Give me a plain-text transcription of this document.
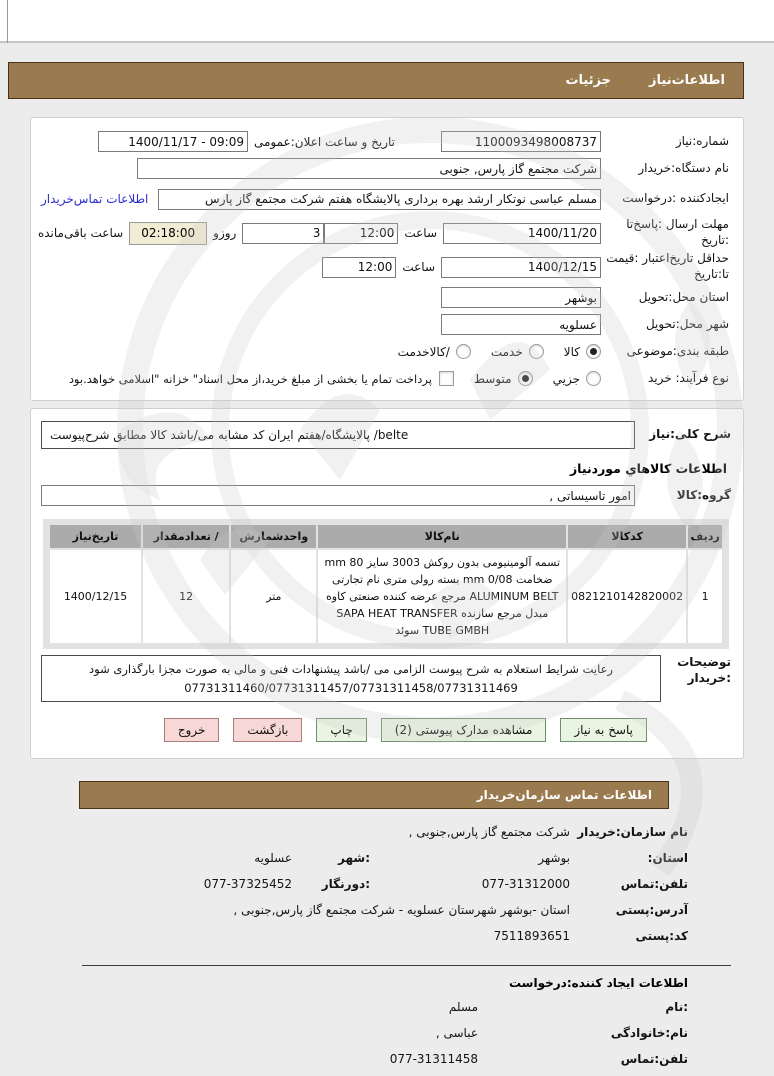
اطلاعات‌نیاز
جزئیات
شماره:نیاز
1100093498008737
تاریخ و ساعت اعلان:عمومی
1400/11/17 - 09:09
نام دستگاه:خریدار
شرکت مجتمع گاز پارس, جنوبی
ایجادکننده :درخواست
مسلم عباسی نوتکار ارشد بهره برداری پالایشگاه هفتم شرکت مجتمع گاز پارس
اطلاعات تماس‌خریدار
مهلت ارسال :پاسخ‌تا :تاریخ
1400/11/20
ساعت
12:00
3
روزو
02:18:00
ساعت باقی‌مانده
حداقل تاریخ‌اعتبار :قیمت تا:تاریخ
1400/12/15
ساعت
12:00
استان محل:تحویل
بوشهر
شهر محل:تحویل
عسلویه
طبقه بندی:موضوعی
کالا
خدمت
/کالاخدمت
نوع فرآیند: خرید
جزیي
متوسط
پرداخت تمام یا بخشی از مبلغ خرید،از محل اسناد" خزانه "اسلامی خواهد.بود
شرح کلی:نیاز
belte/ پالایشگاه/هفتم ایران کد مشابه می/باشد کالا مطابق شرح‌پیوست
اطلاعات کالاهاي موردنیاز
گروه:کالا
امور تاسیساتی ,
ردیف	کدکالا	نام‌کالا	واحدشمارش	/ تعدادمقدار	تاریخ‌نیاز
1	0821210142820002	تسمه آلومینیومی بدون روکش 3003 سایز 80 mm ضخامت 0/08 mm بسته رولی متری نام تجارتی ALUMINUM BELT مرجع عرضه کننده صنعتی کاوه مبدل مرجع سازنده SAPA HEAT TRANSFER TUBE GMBH سوئد	متر	12	1400/12/15
توضیحات :خریدار
رعایت شرایط استعلام به شرح پیوست الزامی می /باشد پیشنهادات فنی و مالی به صورت مجزا بارگذاری شود
07731311460/07731311457/07731311458/07731311469
پاسخ به نیاز
مشاهده مدارک پیوستی (2)
چاپ
بازگشت
خروج
اطلاعات تماس سازمان‌خریدار
نام سازمان:خریدار
شرکت مجتمع گاز پارس,جنوبی ,
استان:
بوشهر
:شهر
عسلویه
تلفن:تماس
077-31312000
:دورنگار
077-37325452
آدرس:پستی
استان -بوشهر شهرستان عسلویه - شرکت مجتمع گاز پارس,جنوبی ,
کد:پستی
7511893651
اطلاعات ایجاد کننده:درخواست
:نام
مسلم
نام:خانوادگی
عباسی ,
تلفن:تماس
077-31311458
